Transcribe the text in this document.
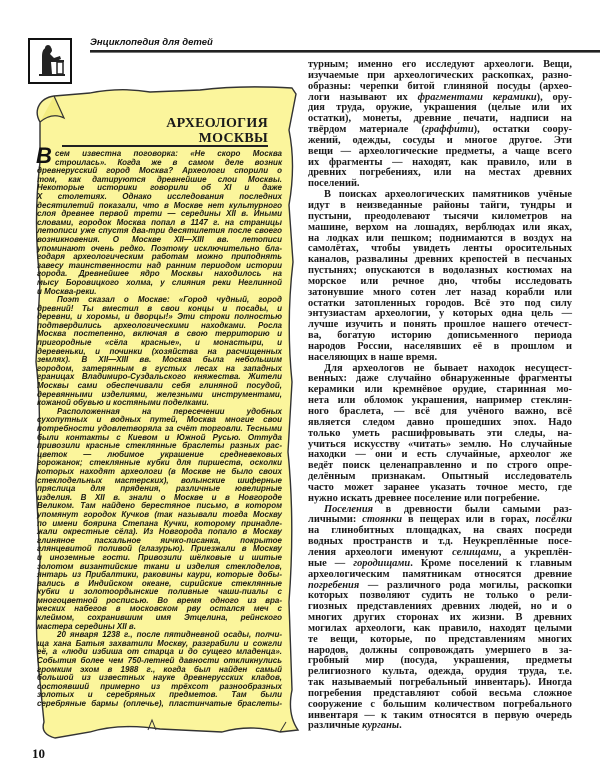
Энциклопедия для детей
АРХЕОЛОГИЯ
МОСКВЫ
В сем известна поговорка: «Не скоро Москва
строилась». Когда же в самом деле возник
древнерусский город Москва? Археологи спорили о
том, как датируются древнейшие слои Москвы.
Некоторые историки говорили об XI и даже
X столетиях. Однако исследования последних
десятилетий показали, что в Москве нет культурного
слоя древнее первой трети — середины XII в. Иными
словами, городок Москва попал в 1147 г. на страницы
летописи уже спустя два-три десятилетия после своего
возникновения. О Москве XII—XIII вв. летописи
упоминают очень редко. Поэтому исключительно бла-
годаря археологическим работам можно приподнять
завесу таинственности над ранним периодом истории
города. Древнейшее ядро Москвы находилось на
мысу Боровицкого холма, у слияния реки Неглинной
и Москва-реки.
Поэт сказал о Москве: «Город чудный, город
древний! Ты вместил в свои концы и посады, и
деревни, и хоромы, и дворцы!» Эти строки полностью
подтвердились археологическими находками. Росла
Москва постепенно, включая в свою территорию и
пригородные «сёла красные», и монастыри, и
деревеньки, и починки (хозяйства на расчищенных
землях). В XII—XIII вв. Москва была небольшим
городом, затерянным в густых лесах на западных
границах Владимиро-Суздальского княжества. Жители
Москвы сами обеспечивали себя глиняной посудой,
деревянными изделиями, железными инструментами,
кожаной обувью и костяными поделками.
Расположенная на пересечении удобных
сухопутных и водных путей, Москва многие свои
потребности удовлетворяла за счёт торговли. Тесными
были контакты с Киевом и Южной Русью. Оттуда
привозили красные стеклянные браслеты разных рас-
цветок — любимое украшение средневековых
горожанок; стеклянные кубки для пиршеств, осколки
которых находят археологи (в Москве не было своих
стеклодельных мастерских), волынские шиферные
пряслица для прядения, различные ювелирные
изделия. В XII в. знали о Москве и в Новгороде
Великом. Там найдено берестяное письмо, в котором
упомянут городок Кучков (так называли тогда Москву
по имени боярина Степана Кучки, которому принадле-
жали окрестные сёла). Из Новгорода попало в Москву
глиняное пасхальное яичко-писанка, покрытое
глянцевитой поливой (глазурью). Приезжали в Москву
и иноземные гости. Привозили шёлковые и шитые
золотом византийские ткани и изделия стеклоделов,
янтарь из Прибалтики, раковины каури, которые добы-
вались в Индийском океане, сирийские стеклянные
кубки и золотоордынские поливные чаши-пиалы с
многоцветной росписью. Во время одного из вра-
жеских набегов в московском рву остался меч с
клеймом, сохранившим имя Этцелина, рейнского
мастера середины XII в.
20 января 1238 г., после пятидневной осады, полчи-
ща хана Батыя захватили Москву, разграбили и сожгли
её, а «люди избиша от старца и до сущего младенца».
События более чем 750-летней давности откликнулись
громким эхом в 1988 г., когда был найден самый
большой из известных науке древнерусских кладов,
состоявший примерно из трёхсот разнообразных
золотых и серебряных предметов. Там были
серебряные бармы (оплечье), пластинчатые браслеты-
турным; именно его исследуют археологи. Вещи,
изучаемые при археологических раскопках, разно-
образны: черепки битой глиняной посуды (архео-
логи называют их фрагментами керамики), ору-
дия труда, оружие, украшения (целые или их
остатки), монеты, древние печати, надписи на
твёрдом материале (граффи́ти), остатки соору-
жений, одежды, сосуды и многое другое. Эти
вещи — археологические предметы, а чаще всего
их фрагменты — находят, как правило, или в
древних погребениях, или на местах древних
поселений.
В поисках археологических памятников учёные
идут в неизведанные районы тайги, тундры и
пустыни, преодолевают тысячи километров на
машине, верхом на лошадях, верблюдах или яках,
на лодках или пешком; поднимаются в воздух на
самолётах, чтобы увидеть ленты оросительных
каналов, развалины древних крепостей в песчаных
пустынях; опускаются в водолазных костюмах на
морское или речное дно, чтобы исследовать
затонувшие много сотен лет назад корабли или
остатки затопленных городов. Всё это под силу
энтузиастам археологии, у которых одна цель —
лучше изучить и понять прошлое нашего отечест-
ва, богатую историю дописьменного периода
народов России, населявших её в прошлом и
населяющих в наше время.
Для археологов не бывает находок несущест-
венных: даже случайно обнаруженные фрагменты
керамики или кремнёвое орудие, старинная мо-
нета или обломок украшения, например стеклян-
ного браслета, — всё для учёного важно, всё
является следом давно прошедших эпох. Надо
только уметь расшифровывать эти следы, на-
учиться искусству «читать» землю. Но случайные
находки — они и есть случайные, археолог же
ведёт поиск целенаправленно и по строго опре-
делённым признакам. Опытный исследователь
часто может заранее указать точное место, где
нужно искать древнее поселение или погребение.
Поселения в древности были самыми раз-
личными: стоянки в пещерах или в горах, посёлки
на глинобитных площадках, на сваях посреди
водных пространств и т.д. Неукреплённые посе-
ления археологи именуют селищами, а укреплён-
ные — городищами. Кроме поселений к главным
археологическим памятникам относятся древние
погребения — различного рода могилы, раскопки
которых позволяют судить не только о рели-
гиозных представлениях древних людей, но и о
многих других сторонах их жизни. В древних
могилах археологи, как правило, находят целыми
те вещи, которые, по представлениям многих
народов, должны сопровождать умершего в за-
гробный мир (посуда, украшения, предметы
религиозного культа, одежда, орудия труда, т.е.
так называемый погребальный инвентарь). Иногда
погребения представляют собой весьма сложное
сооружение с большим количеством погребального
инвентаря — к таким относятся в первую очередь
различные курганы.
10
